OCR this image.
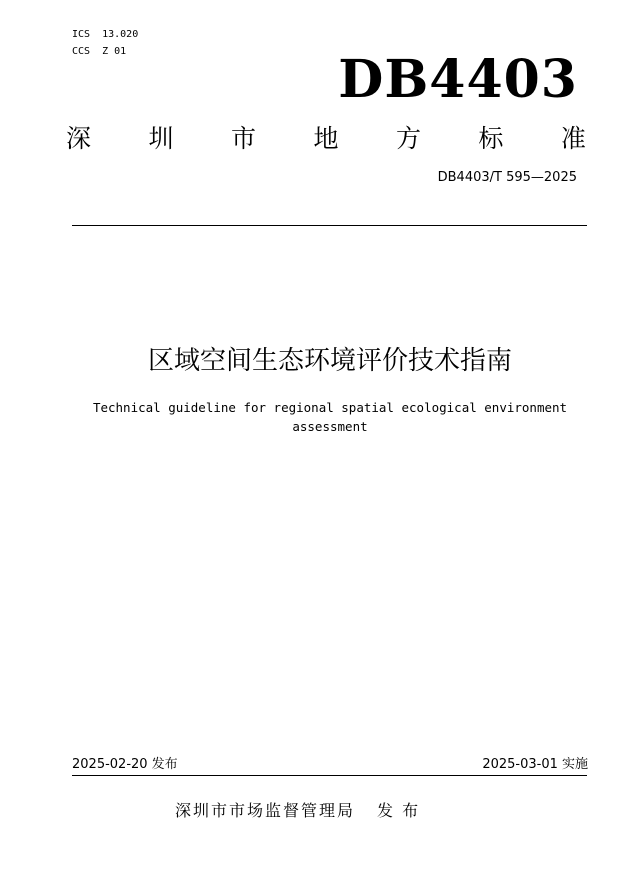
ICS  13.020
CCS  Z 01	DB4403
深 圳 市 地 方 标 准
DB4403/T 595—2025
区域空间生态环境评价技术指南
Technical guideline for regional spatial ecological environment assessment
2025-02-20 发布	2025-03-01 实施
深圳市市场监督管理局 发 布
